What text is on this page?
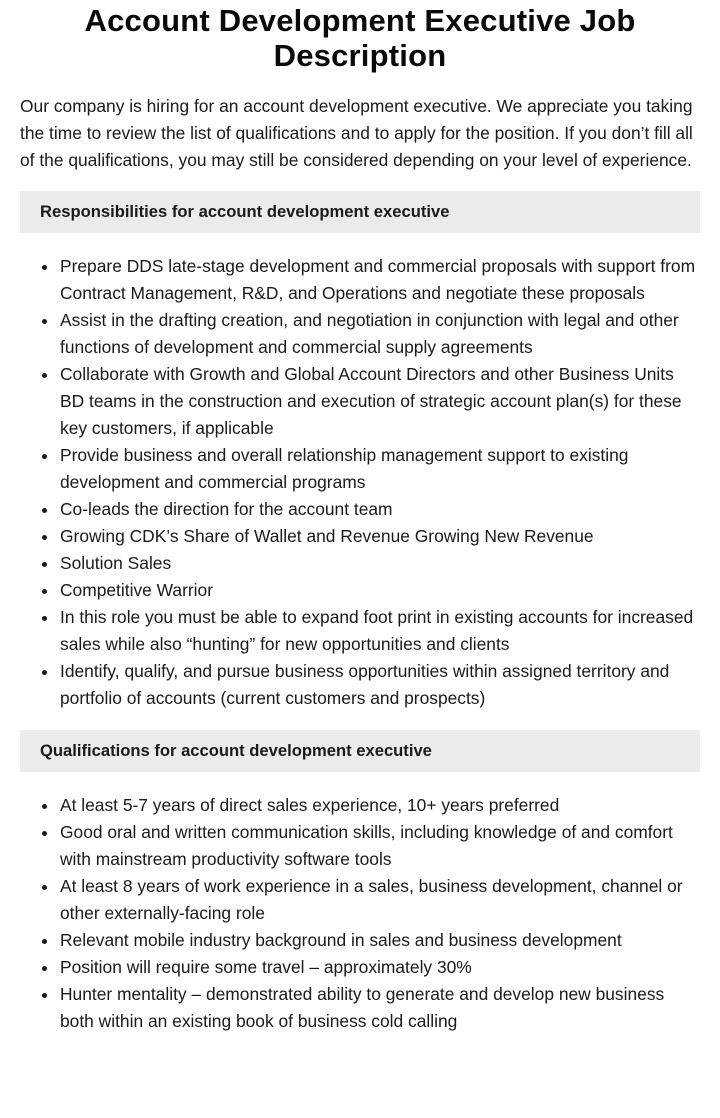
Account Development Executive Job Description

Our company is hiring for an account development executive. We appreciate you taking the time to review the list of qualifications and to apply for the position. If you don’t fill all of the qualifications, you may still be considered depending on your level of experience.

Responsibilities for account development executive
Prepare DDS late-stage development and commercial proposals with support from Contract Management, R&D, and Operations and negotiate these proposals
Assist in the drafting creation, and negotiation in conjunction with legal and other functions of development and commercial supply agreements
Collaborate with Growth and Global Account Directors and other Business Units BD teams in the construction and execution of strategic account plan(s) for these key customers, if applicable
Provide business and overall relationship management support to existing development and commercial programs
Co-leads the direction for the account team
Growing CDK’s Share of Wallet and Revenue Growing New Revenue
Solution Sales
Competitive Warrior
In this role you must be able to expand foot print in existing accounts for increased sales while also “hunting” for new opportunities and clients
Identify, qualify, and pursue business opportunities within assigned territory and portfolio of accounts (current customers and prospects)
Qualifications for account development executive
At least 5-7 years of direct sales experience, 10+ years preferred
Good oral and written communication skills, including knowledge of and comfort with mainstream productivity software tools
At least 8 years of work experience in a sales, business development, channel or other externally-facing role
Relevant mobile industry background in sales and business development
Position will require some travel – approximately 30%
Hunter mentality – demonstrated ability to generate and develop new business both within an existing book of business cold calling
